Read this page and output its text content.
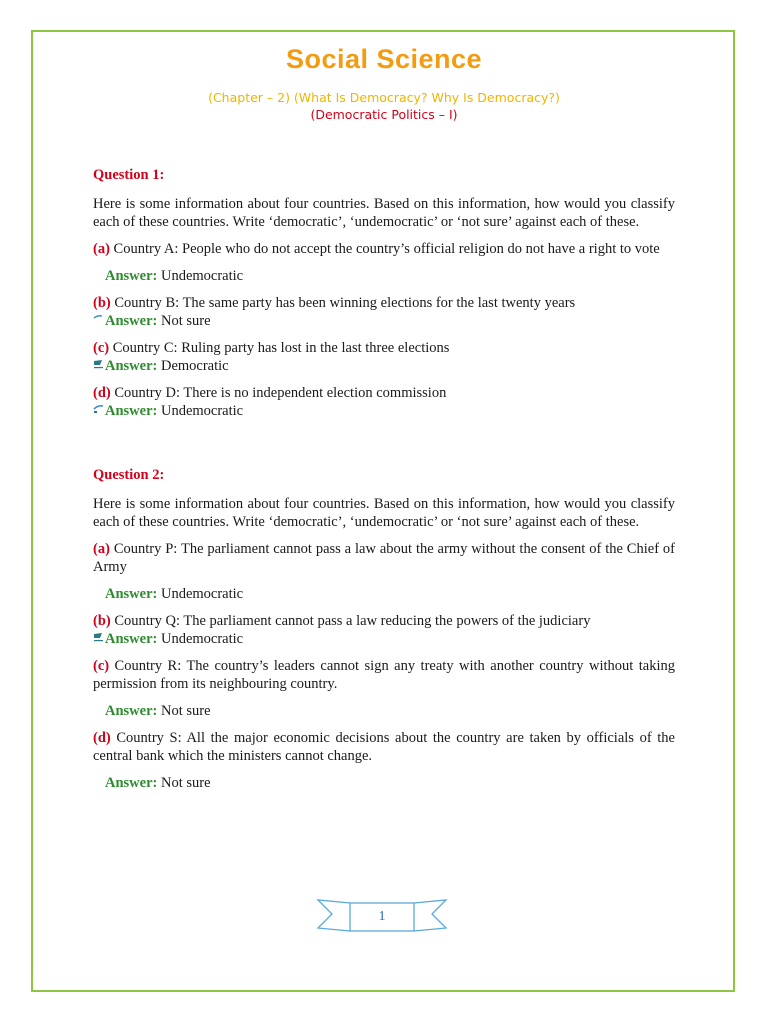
Social Science
(Chapter – 2) (What Is Democracy? Why Is Democracy?)
(Democratic Politics – I)
Question 1:
Here is some information about four countries. Based on this information, how would you classify each of these countries. Write ‘democratic’, ‘undemocratic’ or ‘not sure’ against each of these.
(a) Country A: People who do not accept the country’s official religion do not have a right to vote
Answer: Undemocratic
(b) Country B: The same party has been winning elections for the last twenty years
Answer: Not sure
(c) Country C: Ruling party has lost in the last three elections
Answer: Democratic
(d) Country D: There is no independent election commission
Answer: Undemocratic
Question 2:
Here is some information about four countries. Based on this information, how would you classify each of these countries. Write ‘democratic’, ‘undemocratic’ or ‘not sure’ against each of these.
(a) Country P: The parliament cannot pass a law about the army without the consent of the Chief of Army
Answer: Undemocratic
(b) Country Q: The parliament cannot pass a law reducing the powers of the judiciary
Answer: Undemocratic
(c) Country R: The country’s leaders cannot sign any treaty with another country without taking permission from its neighbouring country.
Answer: Not sure
(d) Country S: All the major economic decisions about the country are taken by officials of the central bank which the ministers cannot change.
Answer: Not sure
1
